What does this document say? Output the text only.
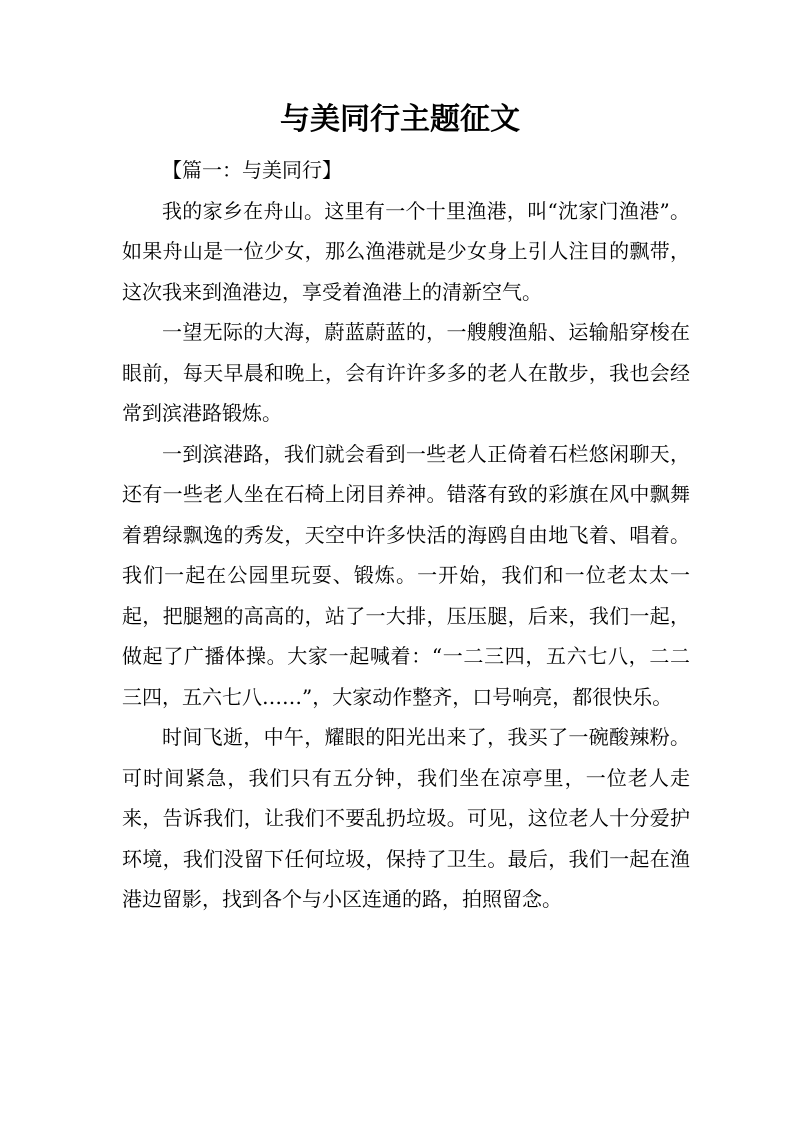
与美同行主题征文

【篇一：与美同行】

我的家乡在舟山。这里有一个十里渔港，叫“沈家门渔港”。如果舟山是一位少女，那么渔港就是少女身上引人注目的飘带，这次我来到渔港边，享受着渔港上的清新空气。

一望无际的大海，蔚蓝蔚蓝的，一艘艘渔船、运输船穿梭在眼前，每天早晨和晚上，会有许许多多的老人在散步，我也会经常到滨港路锻炼。

一到滨港路，我们就会看到一些老人正倚着石栏悠闲聊天，还有一些老人坐在石椅上闭目养神。错落有致的彩旗在风中飘舞着碧绿飘逸的秀发，天空中许多快活的海鸥自由地飞着、唱着。我们一起在公园里玩耍、锻炼。一开始，我们和一位老太太一起，把腿翘的高高的，站了一大排，压压腿，后来，我们一起，做起了广播体操。大家一起喊着：“一二三四，五六七八，二二三四，五六七八……”，大家动作整齐，口号响亮，都很快乐。

时间飞逝，中午，耀眼的阳光出来了，我买了一碗酸辣粉。可时间紧急，我们只有五分钟，我们坐在凉亭里，一位老人走来，告诉我们，让我们不要乱扔垃圾。可见，这位老人十分爱护环境，我们没留下任何垃圾，保持了卫生。最后，我们一起在渔港边留影，找到各个与小区连通的路，拍照留念。
